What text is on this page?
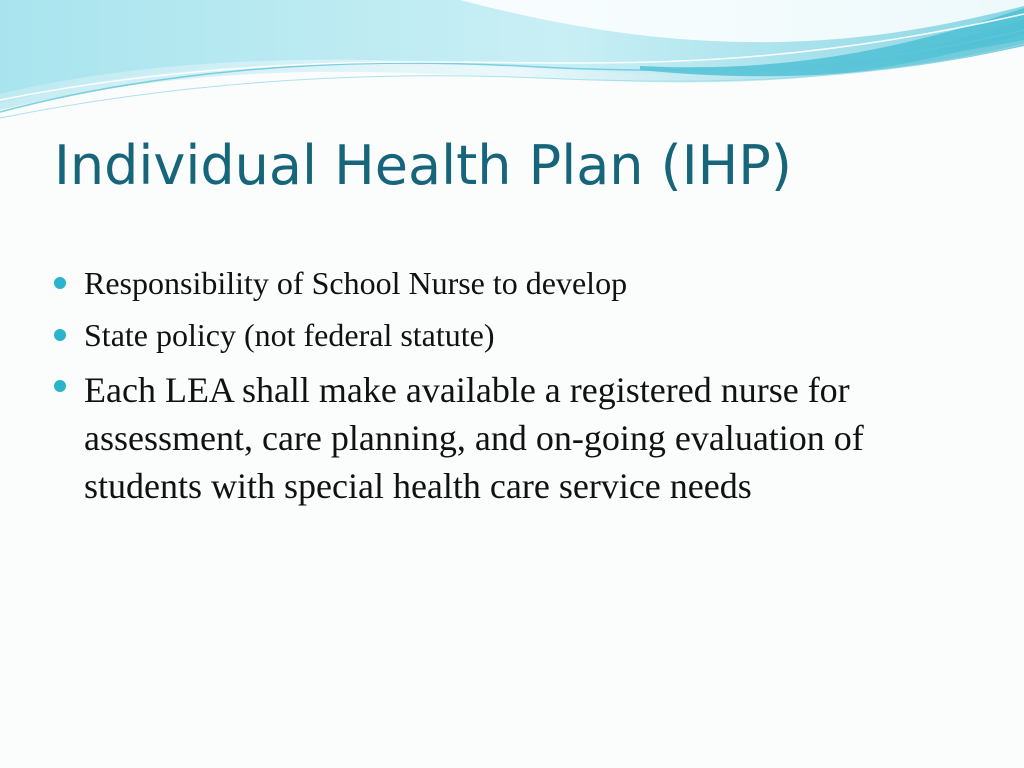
Individual Health Plan (IHP)
Responsibility of School Nurse to develop
State policy (not federal statute)
Each LEA shall make available a registered nurse for assessment, care planning, and on-going evaluation of students with special health care service needs
